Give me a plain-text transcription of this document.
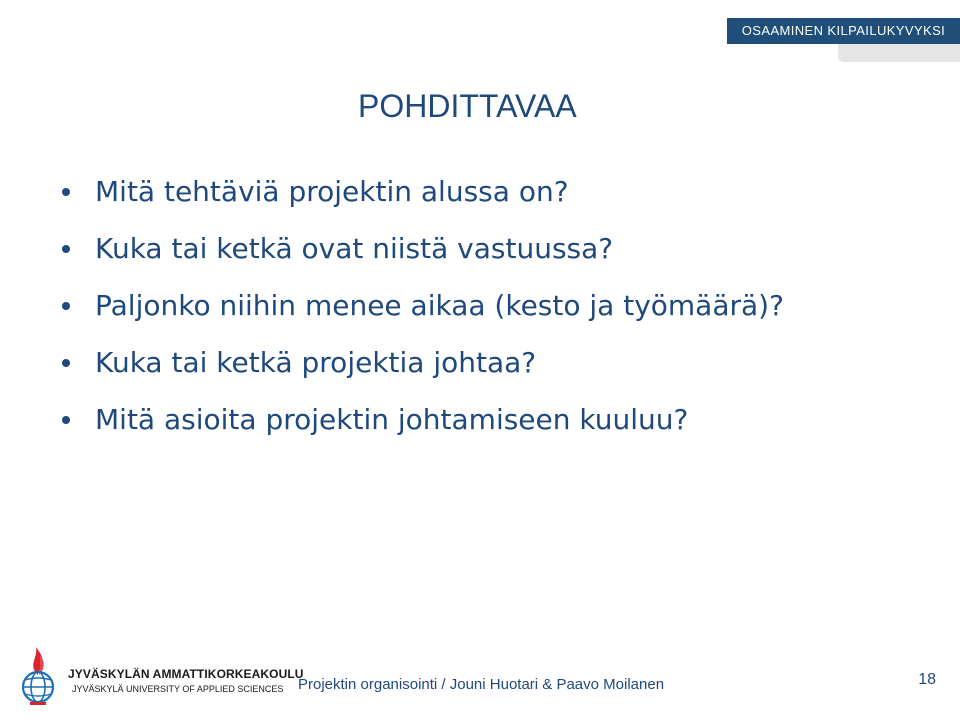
OSAAMINEN KILPAILUKYVYKSI
POHDITTAVAA
Mitä tehtäviä projektin alussa on?
Kuka tai ketkä ovat niistä vastuussa?
Paljonko niihin menee aikaa (kesto ja työmäärä)?
Kuka tai ketkä projektia johtaa?
Mitä asioita projektin johtamiseen kuuluu?
JYVÄSKYLÄN AMMATTIKORKEAKOULU
JYVÄSKYLÄ UNIVERSITY OF APPLIED SCIENCES Projektin organisointi / Jouni Huotari & Paavo Moilanen	18
